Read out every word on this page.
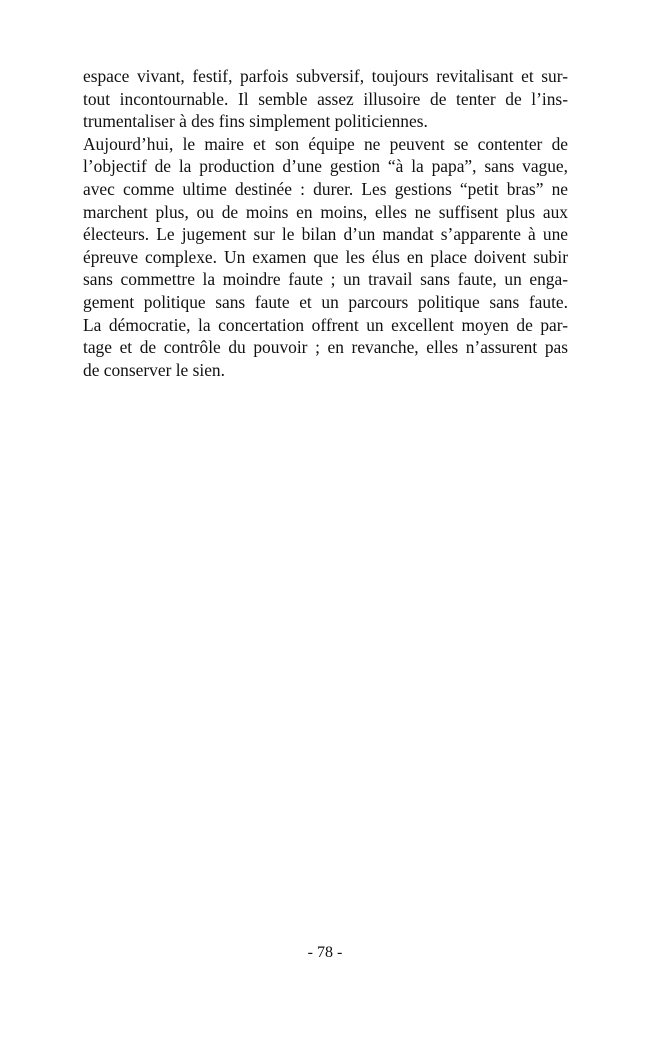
espace vivant, festif, parfois subversif, toujours revitalisant et sur-
tout incontournable. Il semble assez illusoire de tenter de l’ins-
trumentaliser à des fins simplement politiciennes.
Aujourd’hui, le maire et son équipe ne peuvent se contenter de
l’objectif de la production d’une gestion “à la papa”, sans vague,
avec comme ultime destinée : durer. Les gestions “petit bras” ne
marchent plus, ou de moins en moins, elles ne suffisent plus aux
électeurs. Le jugement sur le bilan d’un mandat s’apparente à une
épreuve complexe. Un examen que les élus en place doivent subir
sans commettre la moindre faute ; un travail sans faute, un enga-
gement politique sans faute et un parcours politique sans faute.
La démocratie, la concertation offrent un excellent moyen de par-
tage et de contrôle du pouvoir ; en revanche, elles n’assurent pas
de conserver le sien.
- 78 -
